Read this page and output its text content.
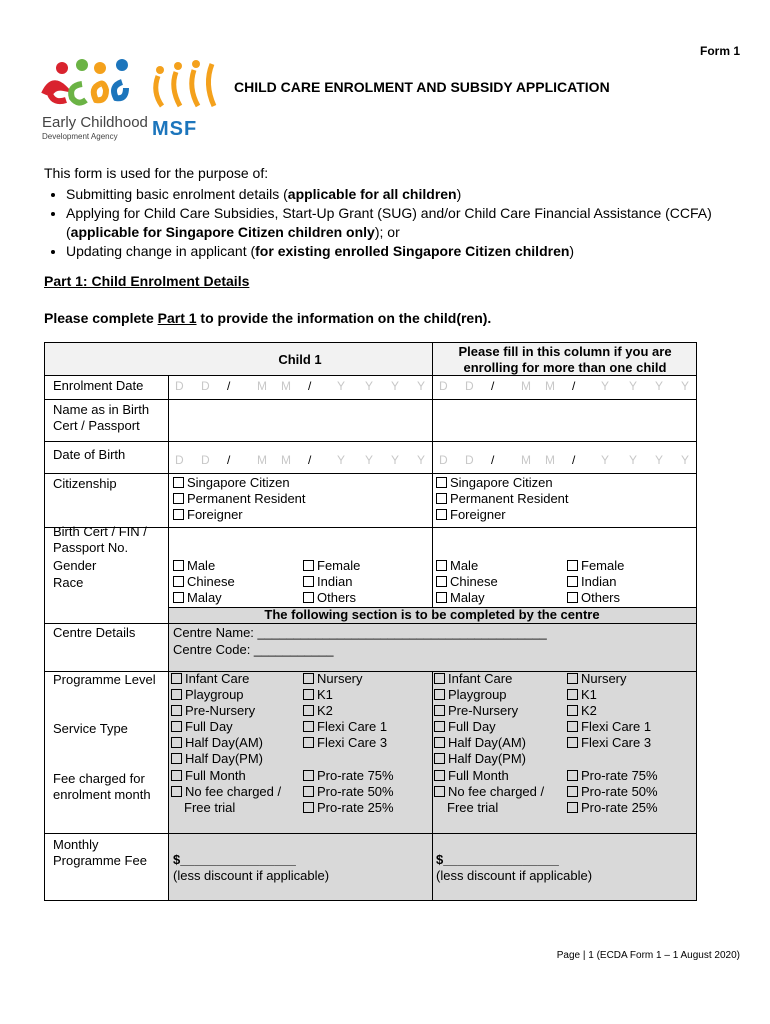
Form 1
Early Childhood
Development Agency MSF
CHILD CARE ENROLMENT AND SUBSIDY APPLICATION
This form is used for the purpose of:
• Submitting basic enrolment details (applicable for all children)
• Applying for Child Care Subsidies, Start-Up Grant (SUG) and/or Child Care Financial Assistance (CCFA) (applicable for Singapore Citizen children only); or
• Updating change in applicant (for existing enrolled Singapore Citizen children)
Part 1: Child Enrolment Details
Please complete Part 1 to provide the information on the child(ren).
Child 1
Please fill in this column if you are enrolling for more than one child
Enrolment Date
Name as in Birth Cert / Passport
Date of Birth
Citizenship
Birth Cert / FIN / Passport No.
Gender
Race
Centre Details
Programme Level
Service Type
Fee charged for enrolment month
Monthly Programme Fee
D D / M M / Y Y Y Y D D / M M / Y Y Y Y
D D / M M / Y Y Y Y D D / M M / Y Y Y Y
Singapore Citizen
Permanent Resident
Foreigner
Singapore Citizen
Permanent Resident
Foreigner
Male
Chinese
Malay
Female
Indian
Others
Male
Chinese
Malay
Female
Indian
Others
The following section is to be completed by the centre
Centre Name: ________________________________________
Centre Code: ___________
Infant Care
Playgroup
Pre-Nursery
Full Day
Half Day(AM)
Half Day(PM)
Full Month
No fee charged /
Free trial
Nursery
K1
K2
Flexi Care 1
Flexi Care 3
Pro-rate 75%
Pro-rate 50%
Pro-rate 25%
Infant Care
Playgroup
Pre-Nursery
Full Day
Half Day(AM)
Half Day(PM)
Full Month
No fee charged /
Free trial
Nursery
K1
K2
Flexi Care 1
Flexi Care 3
Pro-rate 75%
Pro-rate 50%
Pro-rate 25%
$________________
(less discount if applicable)
$________________
(less discount if applicable)
Page | 1 (ECDA Form 1 – 1 August 2020)
